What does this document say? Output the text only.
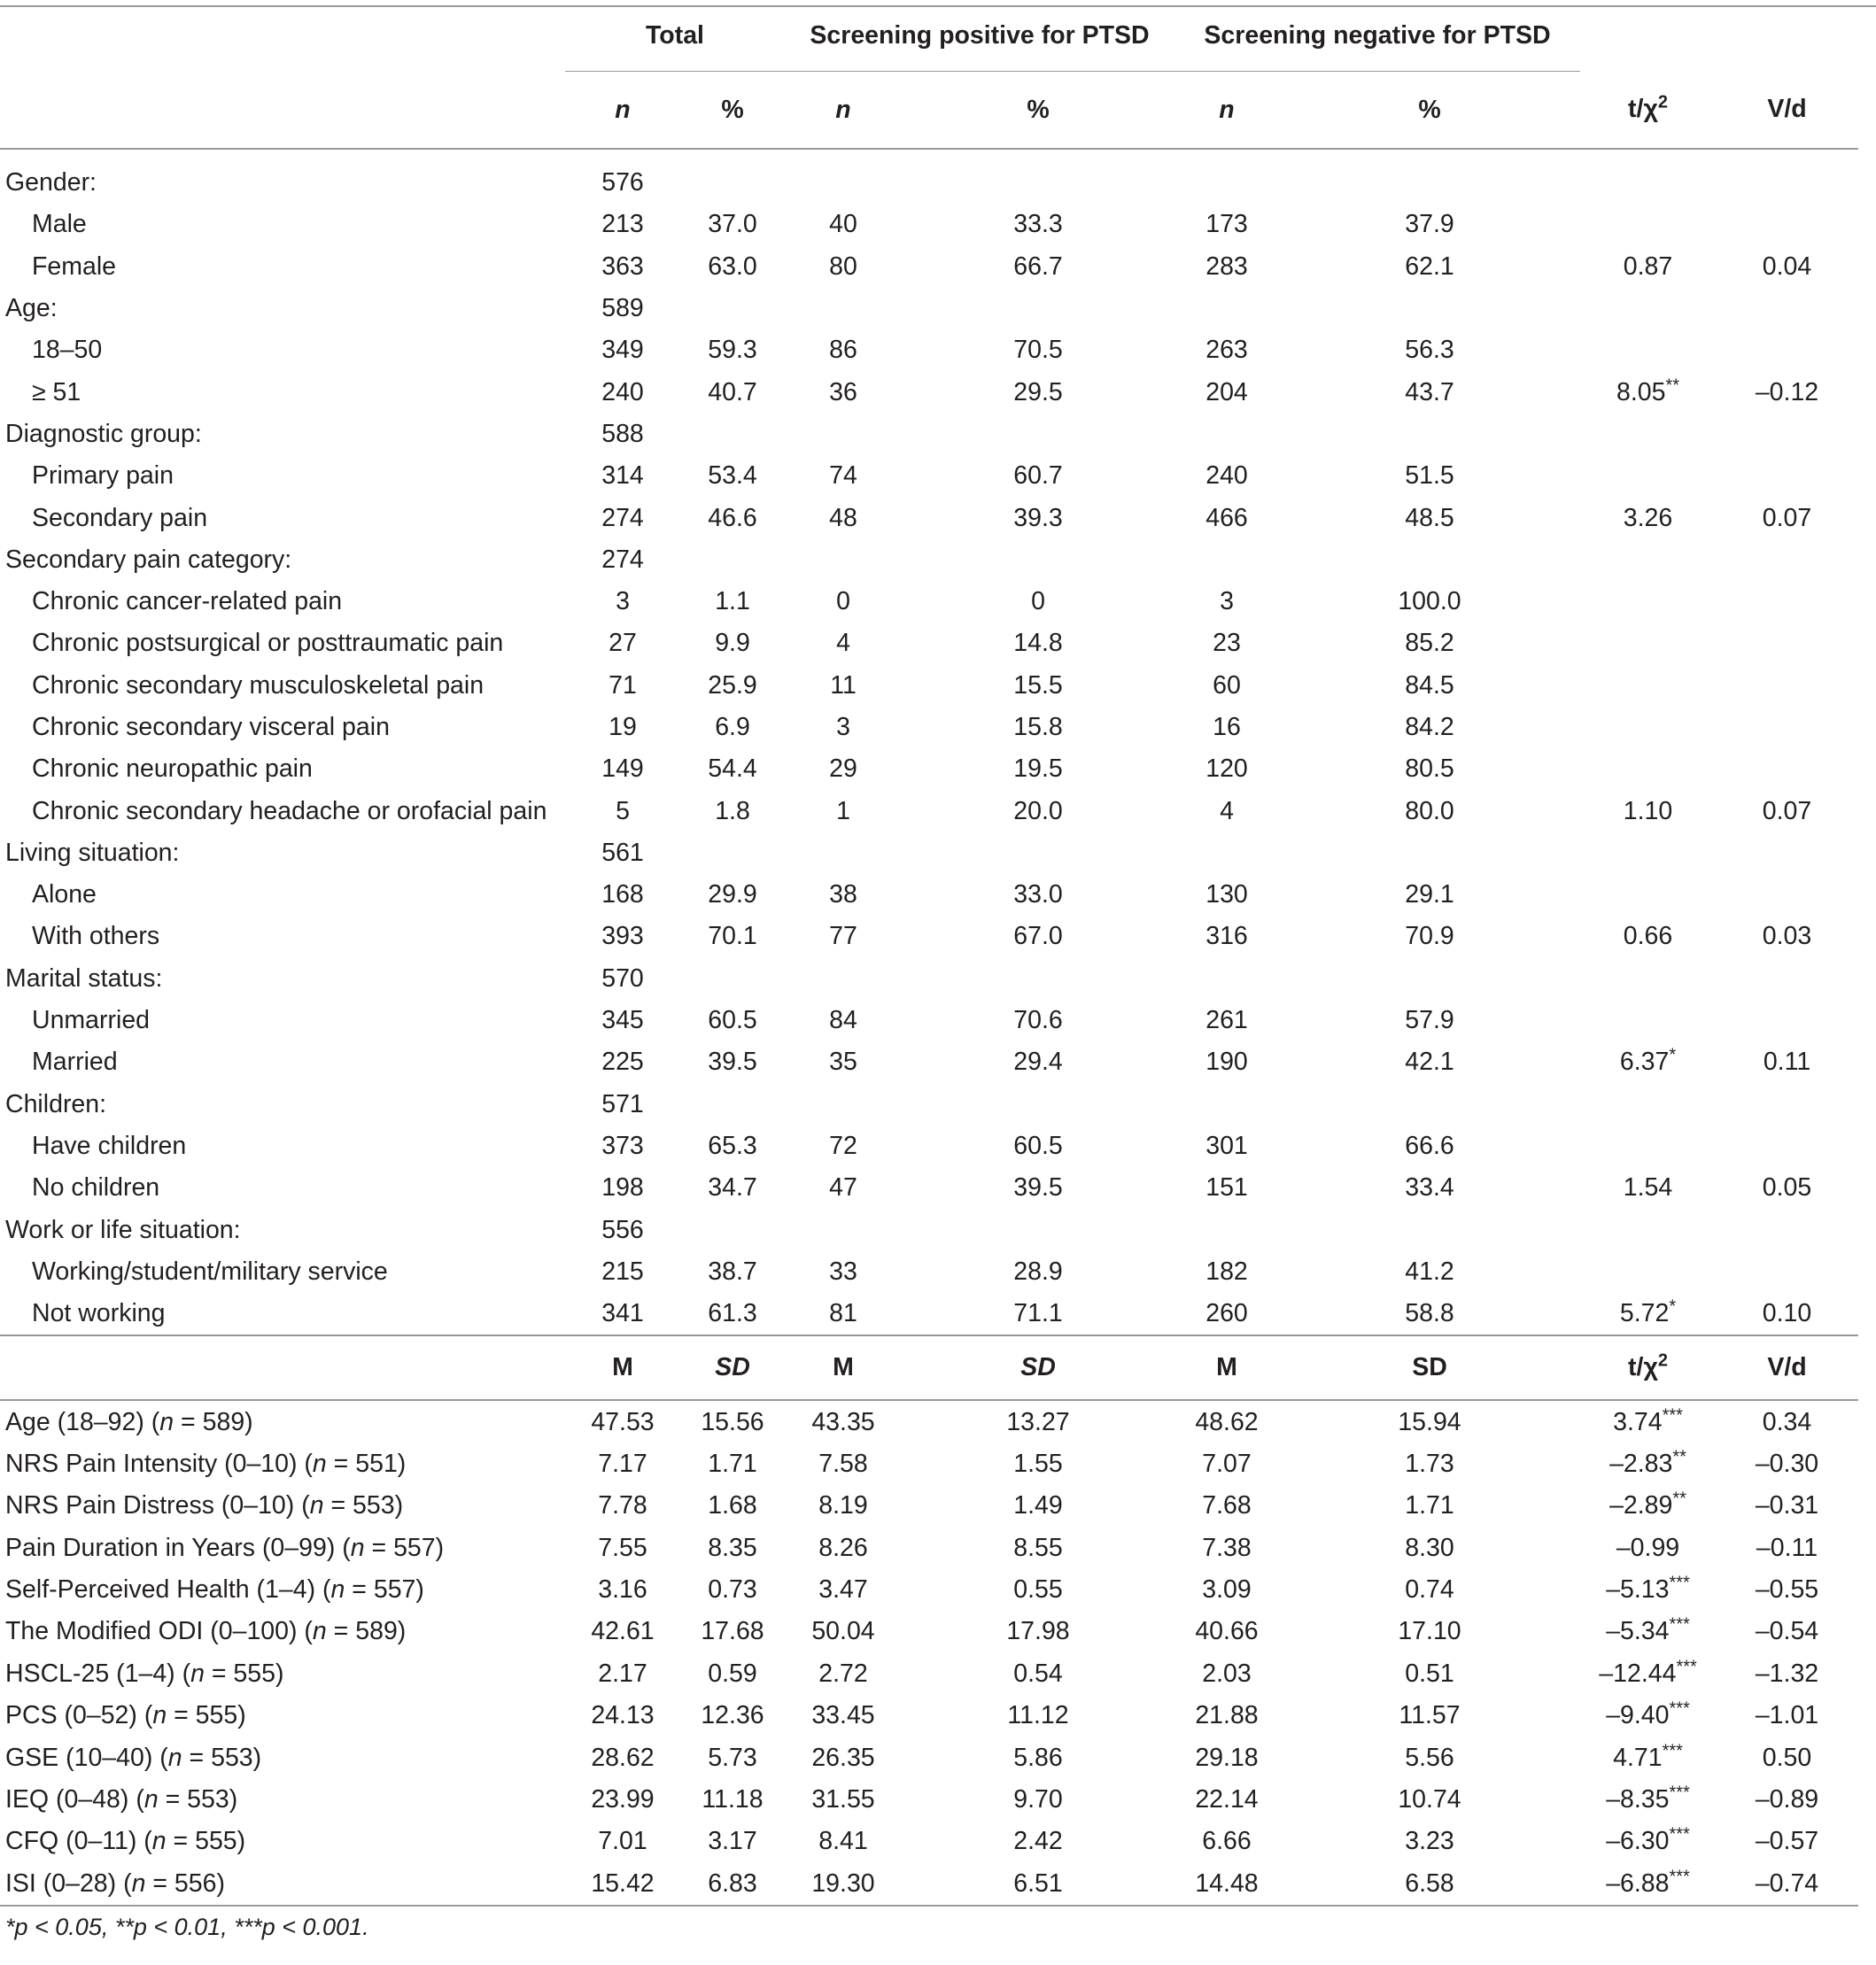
	Total		Screening positive for PTSD		Screening negative for PTSD			
	n	%	n	%	n	%	$t/\chi^2$	V/d
Gender:	576							
Male	213	37.0	40	33.3	173	37.9		
Female	363	63.0	80	66.7	283	62.1	0.87	0.04
Age:	589							
18–50	349	59.3	86	70.5	263	56.3		
≥ 51	240	40.7	36	29.5	204	43.7	8.05**	–0.12
Diagnostic group:	588							
Primary pain	314	53.4	74	60.7	240	51.5		
Secondary pain	274	46.6	48	39.3	466	48.5	3.26	0.07
Secondary pain category:	274							
Chronic cancer-related pain	3	1.1	0	0	3	100.0		
Chronic postsurgical or posttraumatic pain	27	9.9	4	14.8	23	85.2		
Chronic secondary musculoskeletal pain	71	25.9	11	15.5	60	84.5		
Chronic secondary visceral pain	19	6.9	3	15.8	16	84.2		
Chronic neuropathic pain	149	54.4	29	19.5	120	80.5		
Chronic secondary headache or orofacial pain	5	1.8	1	20.0	4	80.0	1.10	0.07
Living situation:	561							
Alone	168	29.9	38	33.0	130	29.1		
With others	393	70.1	77	67.0	316	70.9	0.66	0.03
Marital status:	570							
Unmarried	345	60.5	84	70.6	261	57.9		
Married	225	39.5	35	29.4	190	42.1	6.37*	0.11
Children:	571							
Have children	373	65.3	72	60.5	301	66.6		
No children	198	34.7	47	39.5	151	33.4	1.54	0.05
Work or life situation:	556							
Working/student/military service	215	38.7	33	28.9	182	41.2		
Not working	341	61.3	81	71.1	260	58.8	5.72*	0.10
	M	SD	M	SD	M	SD	$t/\chi^2$	V/d
Age (18–92) (n = 589)	47.53	15.56	43.35	13.27	48.62	15.94	3.74***	0.34
NRS Pain Intensity (0–10) (n = 551)	7.17	1.71	7.58	1.55	7.07	1.73	–2.83**	–0.30
NRS Pain Distress (0–10) (n = 553)	7.78	1.68	8.19	1.49	7.68	1.71	–2.89**	–0.31
Pain Duration in Years (0–99) (n = 557)	7.55	8.35	8.26	8.55	7.38	8.30	–0.99	–0.11
Self-Perceived Health (1–4) (n = 557)	3.16	0.73	3.47	0.55	3.09	0.74	–5.13***	–0.55
The Modified ODI (0–100) (n = 589)	42.61	17.68	50.04	17.98	40.66	17.10	–5.34***	–0.54
HSCL-25 (1–4) (n = 555)	2.17	0.59	2.72	0.54	2.03	0.51	–12.44***	–1.32
PCS (0–52) (n = 555)	24.13	12.36	33.45	11.12	21.88	11.57	–9.40***	–1.01
GSE (10–40) (n = 553)	28.62	5.73	26.35	5.86	29.18	5.56	4.71***	0.50
IEQ (0–48) (n = 553)	23.99	11.18	31.55	9.70	22.14	10.74	–8.35***	–0.89
CFQ (0–11) (n = 555)	7.01	3.17	8.41	2.42	6.66	3.23	–6.30***	–0.57
ISI (0–28) (n = 556)	15.42	6.83	19.30	6.51	14.48	6.58	–6.88***	–0.74
*p < 0.05, **p < 0.01, ***p < 0.001.
